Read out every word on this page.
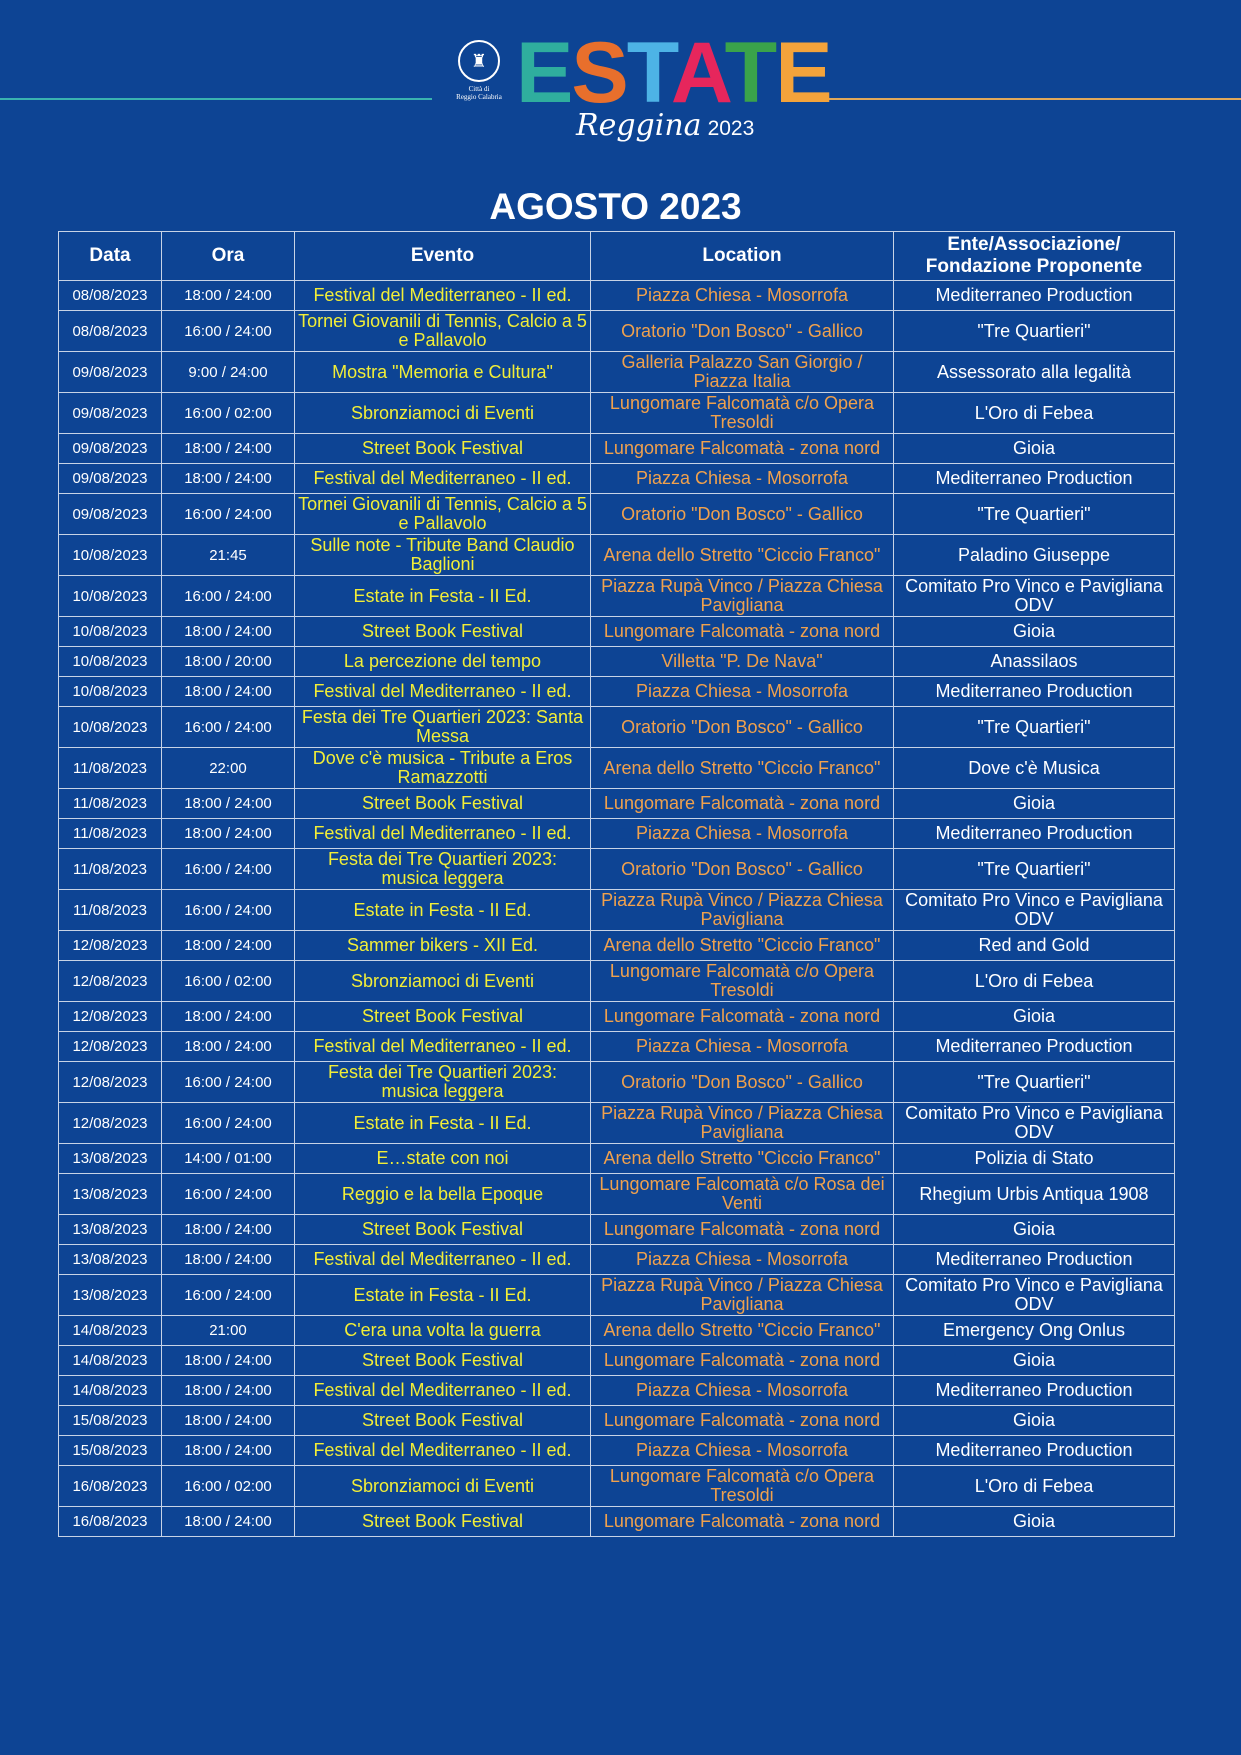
♜
Città di
Reggio Calabria ESTATE
Reggina 2023
AGOSTO 2023
Data	Ora	Evento	Location	Ente/Associazione/ Fondazione Proponente
08/08/2023	18:00 / 24:00	Festival del Mediterraneo - II ed.	Piazza Chiesa - Mosorrofa	Mediterraneo Production
08/08/2023	16:00 / 24:00	Tornei Giovanili di Tennis, Calcio a 5 e Pallavolo	Oratorio "Don Bosco" - Gallico	"Tre Quartieri"
09/08/2023	9:00 / 24:00	Mostra "Memoria e Cultura"	Galleria Palazzo San Giorgio / Piazza Italia	Assessorato alla legalità
09/08/2023	16:00 / 02:00	Sbronziamoci di Eventi	Lungomare Falcomatà c/o Opera Tresoldi	L'Oro di Febea
09/08/2023	18:00 / 24:00	Street Book Festival	Lungomare Falcomatà - zona nord	Gioia
09/08/2023	18:00 / 24:00	Festival del Mediterraneo - II ed.	Piazza Chiesa - Mosorrofa	Mediterraneo Production
09/08/2023	16:00 / 24:00	Tornei Giovanili di Tennis, Calcio a 5 e Pallavolo	Oratorio "Don Bosco" - Gallico	"Tre Quartieri"
10/08/2023	21:45	Sulle note - Tribute Band Claudio Baglioni	Arena dello Stretto "Ciccio Franco"	Paladino Giuseppe
10/08/2023	16:00 / 24:00	Estate in Festa - II Ed.	Piazza Rupà Vinco / Piazza Chiesa Pavigliana	Comitato Pro Vinco e Pavigliana ODV
10/08/2023	18:00 / 24:00	Street Book Festival	Lungomare Falcomatà - zona nord	Gioia
10/08/2023	18:00 / 20:00	La percezione del tempo	Villetta "P. De Nava"	Anassilaos
10/08/2023	18:00 / 24:00	Festival del Mediterraneo - II ed.	Piazza Chiesa - Mosorrofa	Mediterraneo Production
10/08/2023	16:00 / 24:00	Festa dei Tre Quartieri 2023: Santa Messa	Oratorio "Don Bosco" - Gallico	"Tre Quartieri"
11/08/2023	22:00	Dove c'è musica - Tribute a Eros Ramazzotti	Arena dello Stretto "Ciccio Franco"	Dove c'è Musica
11/08/2023	18:00 / 24:00	Street Book Festival	Lungomare Falcomatà - zona nord	Gioia
11/08/2023	18:00 / 24:00	Festival del Mediterraneo - II ed.	Piazza Chiesa - Mosorrofa	Mediterraneo Production
11/08/2023	16:00 / 24:00	Festa dei Tre Quartieri 2023: musica leggera	Oratorio "Don Bosco" - Gallico	"Tre Quartieri"
11/08/2023	16:00 / 24:00	Estate in Festa - II Ed.	Piazza Rupà Vinco / Piazza Chiesa Pavigliana	Comitato Pro Vinco e Pavigliana ODV
12/08/2023	18:00 / 24:00	Sammer bikers - XII Ed.	Arena dello Stretto "Ciccio Franco"	Red and Gold
12/08/2023	16:00 / 02:00	Sbronziamoci di Eventi	Lungomare Falcomatà c/o Opera Tresoldi	L'Oro di Febea
12/08/2023	18:00 / 24:00	Street Book Festival	Lungomare Falcomatà - zona nord	Gioia
12/08/2023	18:00 / 24:00	Festival del Mediterraneo - II ed.	Piazza Chiesa - Mosorrofa	Mediterraneo Production
12/08/2023	16:00 / 24:00	Festa dei Tre Quartieri 2023: musica leggera	Oratorio "Don Bosco" - Gallico	"Tre Quartieri"
12/08/2023	16:00 / 24:00	Estate in Festa - II Ed.	Piazza Rupà Vinco / Piazza Chiesa Pavigliana	Comitato Pro Vinco e Pavigliana ODV
13/08/2023	14:00 / 01:00	E…state con noi	Arena dello Stretto "Ciccio Franco"	Polizia di Stato
13/08/2023	16:00 / 24:00	Reggio e la bella Epoque	Lungomare Falcomatà c/o Rosa dei Venti	Rhegium Urbis Antiqua 1908
13/08/2023	18:00 / 24:00	Street Book Festival	Lungomare Falcomatà - zona nord	Gioia
13/08/2023	18:00 / 24:00	Festival del Mediterraneo - II ed.	Piazza Chiesa - Mosorrofa	Mediterraneo Production
13/08/2023	16:00 / 24:00	Estate in Festa - II Ed.	Piazza Rupà Vinco / Piazza Chiesa Pavigliana	Comitato Pro Vinco e Pavigliana ODV
14/08/2023	21:00	C'era una volta la guerra	Arena dello Stretto "Ciccio Franco"	Emergency Ong Onlus
14/08/2023	18:00 / 24:00	Street Book Festival	Lungomare Falcomatà - zona nord	Gioia
14/08/2023	18:00 / 24:00	Festival del Mediterraneo - II ed.	Piazza Chiesa - Mosorrofa	Mediterraneo Production
15/08/2023	18:00 / 24:00	Street Book Festival	Lungomare Falcomatà - zona nord	Gioia
15/08/2023	18:00 / 24:00	Festival del Mediterraneo - II ed.	Piazza Chiesa - Mosorrofa	Mediterraneo Production
16/08/2023	16:00 / 02:00	Sbronziamoci di Eventi	Lungomare Falcomatà c/o Opera Tresoldi	L'Oro di Febea
16/08/2023	18:00 / 24:00	Street Book Festival	Lungomare Falcomatà - zona nord	Gioia
